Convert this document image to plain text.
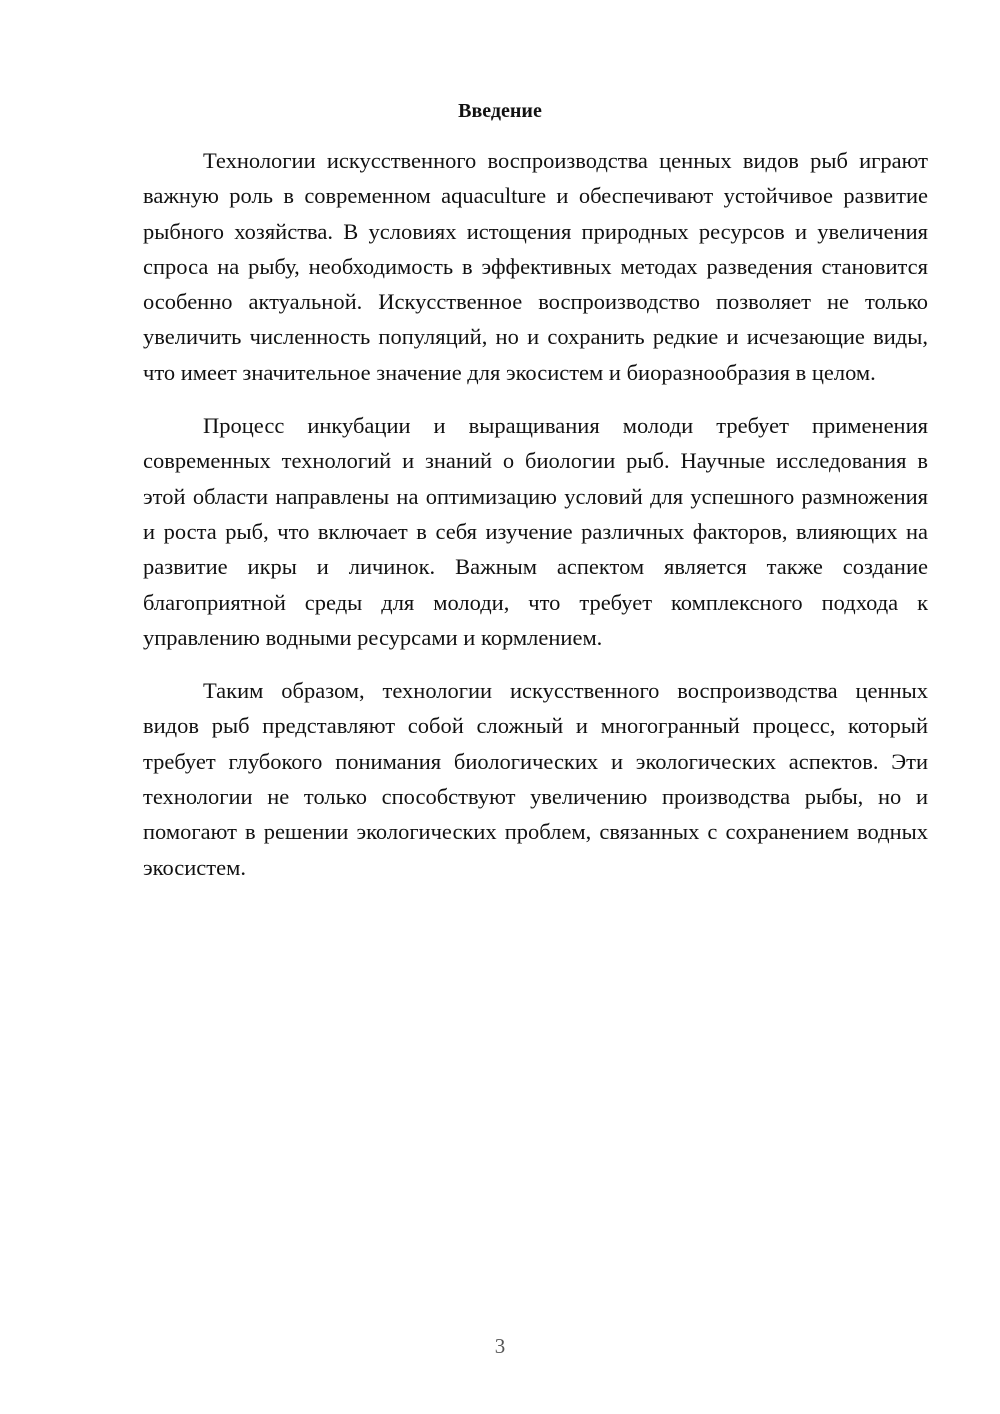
Введение

Технологии искусственного воспроизводства ценных видов рыб играют важную роль в современном aquaculture и обеспечивают устойчивое развитие рыбного хозяйства. В условиях истощения природных ресурсов и увеличения спроса на рыбу, необходимость в эффективных методах разведения становится особенно актуальной. Искусственное воспроизводство позволяет не только увеличить численность популяций, но и сохранить редкие и исчезающие виды, что имеет значительное значение для экосистем и биоразнообразия в целом.

Процесс инкубации и выращивания молоди требует применения современных технологий и знаний о биологии рыб. Научные исследования в этой области направлены на оптимизацию условий для успешного размножения и роста рыб, что включает в себя изучение различных факторов, влияющих на развитие икры и личинок. Важным аспектом является также создание благоприятной среды для молоди, что требует комплексного подхода к управлению водными ресурсами и кормлением.

Таким образом, технологии искусственного воспроизводства ценных видов рыб представляют собой сложный и многогранный процесс, который требует глубокого понимания биологических и экологических аспектов. Эти технологии не только способствуют увеличению производства рыбы, но и помогают в решении экологических проблем, связанных с сохранением водных экосистем.

3
